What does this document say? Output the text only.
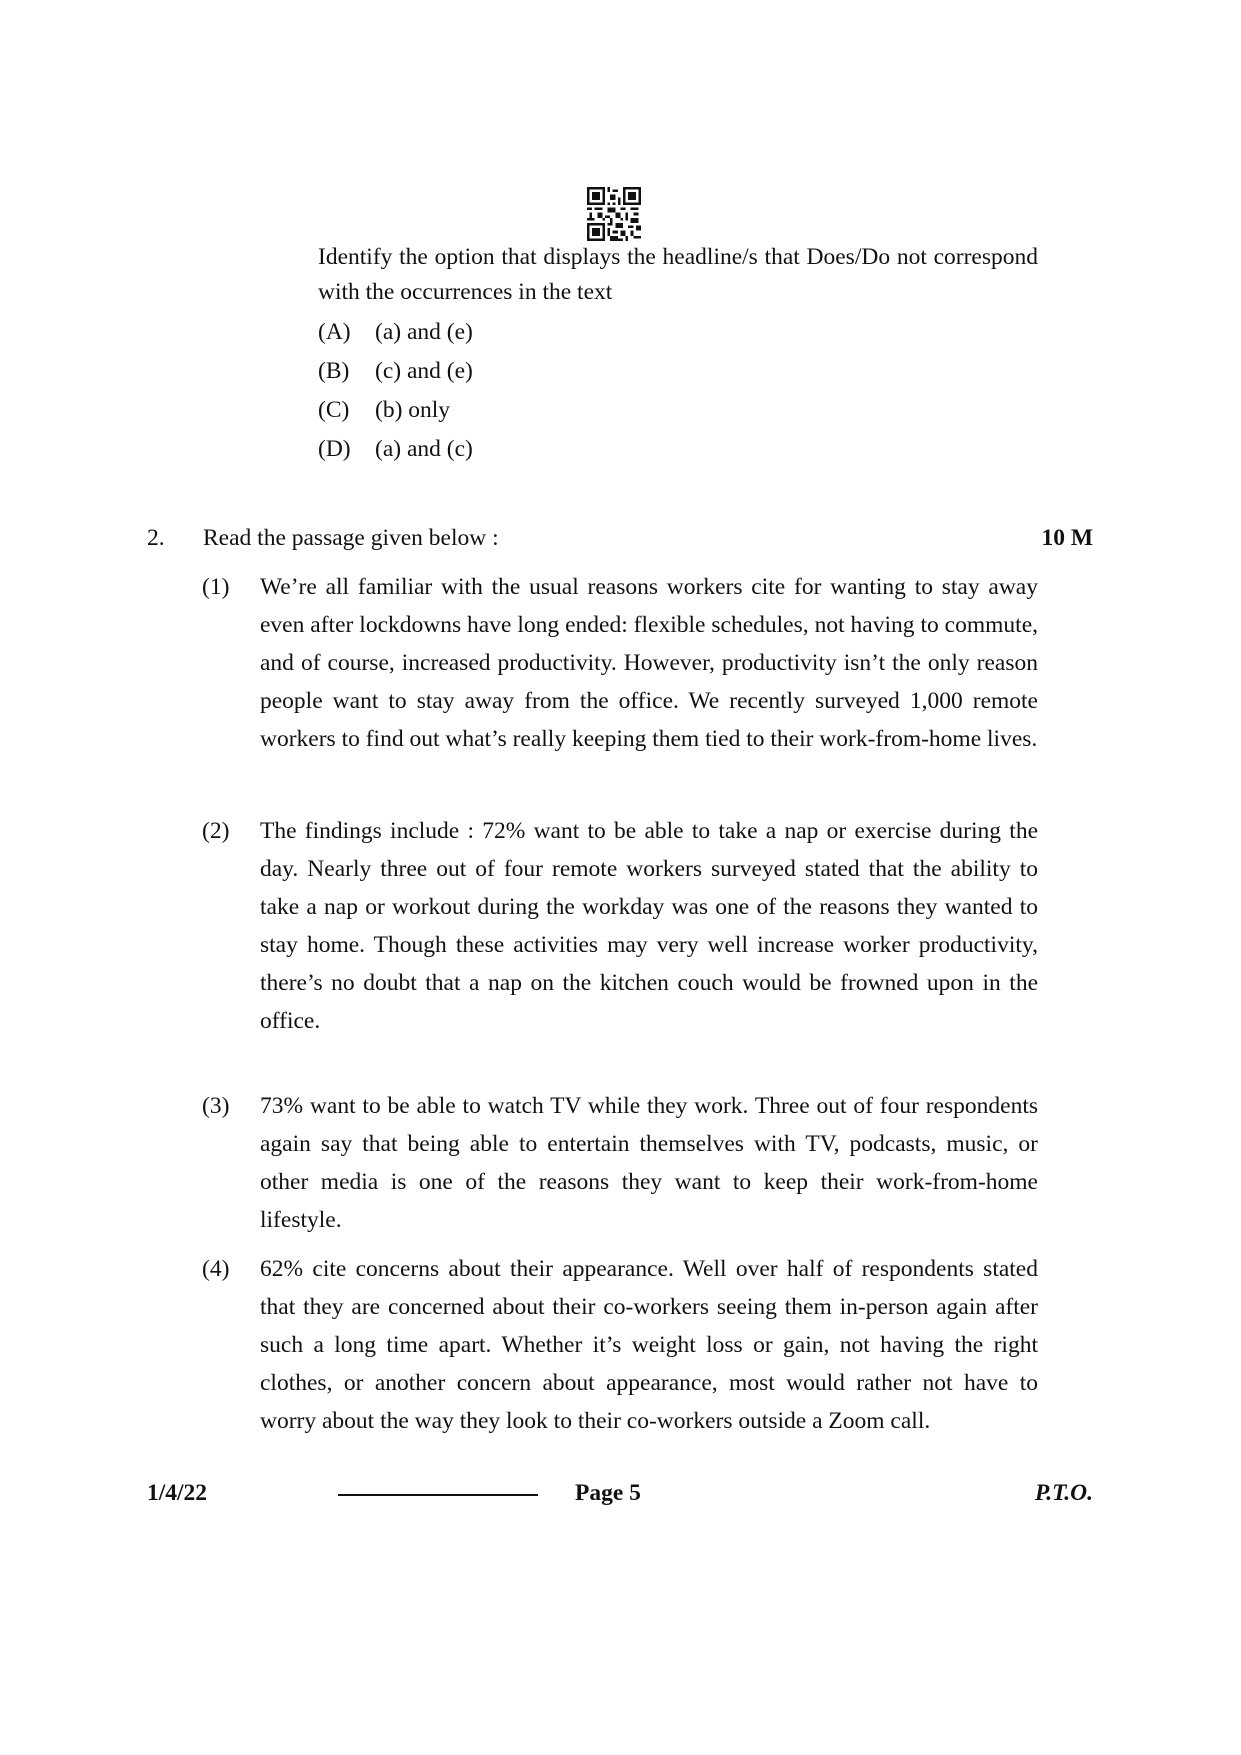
Identify the option that displays the headline/s that Does/Do not correspond with the occurrences in the text

(A)	(a) and (e)
(B)	(c) and (e)
(C)	(b) only
(D)	(a) and (c)
2. Read the passage given below :	10 M
(1) We’re all familiar with the usual reasons workers cite for wanting to stay away even after lockdowns have long ended: flexible schedules, not having to commute, and of course, increased productivity. However, productivity isn’t the only reason people want to stay away from the office. We recently surveyed 1,000 remote workers to find out what’s really keeping them tied to their work-from-home lives.
(2) The findings include : 72% want to be able to take a nap or exercise during the day. Nearly three out of four remote workers surveyed stated that the ability to take a nap or workout during the workday was one of the reasons they wanted to stay home. Though these activities may very well increase worker productivity, there’s no doubt that a nap on the kitchen couch would be frowned upon in the office.
(3) 73% want to be able to watch TV while they work. Three out of four respondents again say that being able to entertain themselves with TV, podcasts, music, or other media is one of the reasons they want to keep their work-from-home lifestyle.
(4) 62% cite concerns about their appearance. Well over half of respondents stated that they are concerned about their co-workers seeing them in-person again after such a long time apart. Whether it’s weight loss or gain, not having the right clothes, or another concern about appearance, most would rather not have to worry about the way they look to their co-workers outside a Zoom call.
1/4/22	Page 5	P.T.O.
